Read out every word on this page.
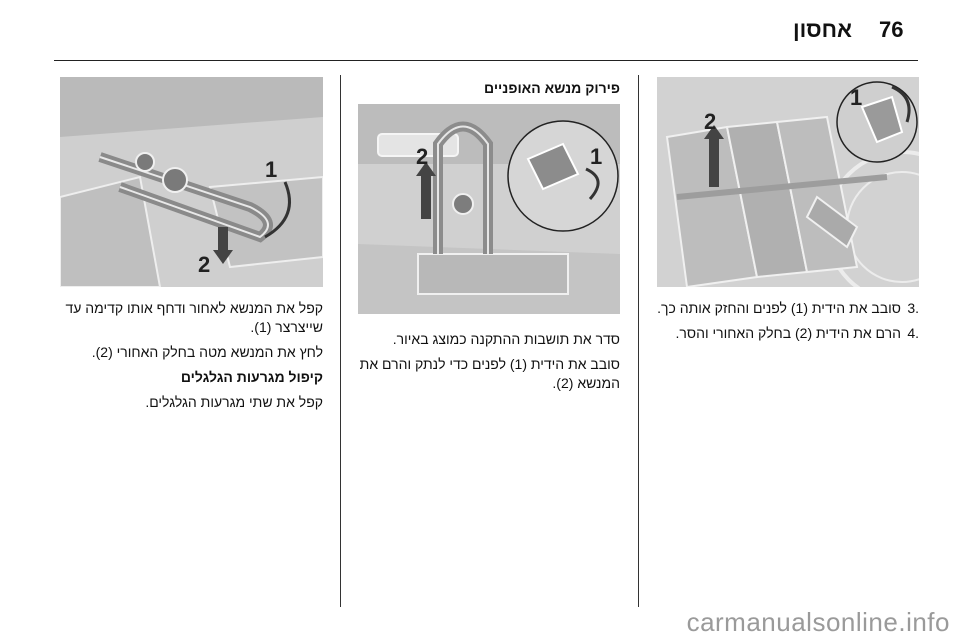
76
אחסון
2
1
.3
סובב את הידית (1) לפנים והחזק אותה כך.
.4
הרם את הידית (2) בחלק האחורי והסר.
פירוק מנשא האופניים
2	1

סדר את תושבות ההתקנה כמוצג באיור.

סובב את הידית (1) לפנים כדי לנתק והרם את המנשא (2).

1
2

קפל את המנשא לאחור ודחף אותו קדימה עד שייצרצר (1).

לחץ את המנשא מטה בחלק האחורי (2).

קיפול מגרעות הגלגלים

קפל את שתי מגרעות הגלגלים.

carmanualsonline.info
